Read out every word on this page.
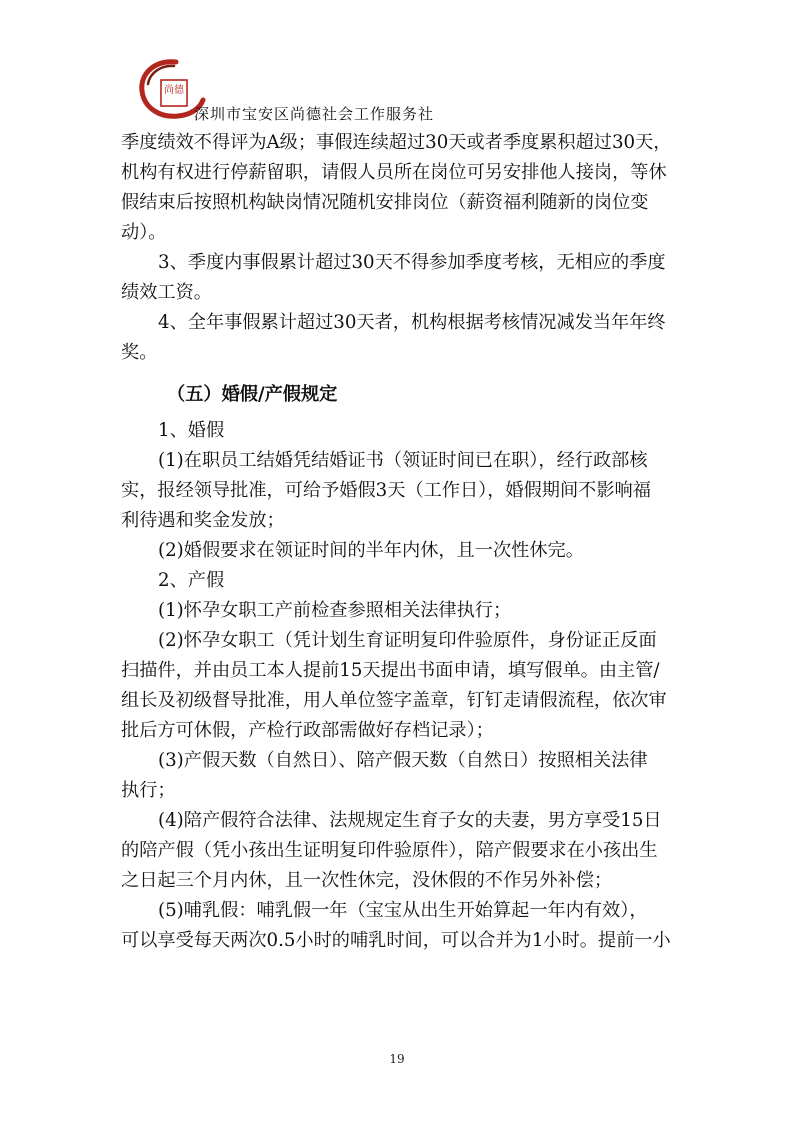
尚德
深圳市宝安区尚德社会工作服务社
季度绩效不得评为A级；事假连续超过30天或者季度累积超过30天，
机构有权进行停薪留职，请假人员所在岗位可另安排他人接岗，等休
假结束后按照机构缺岗情况随机安排岗位（薪资福利随新的岗位变
动）。
3、季度内事假累计超过30天不得参加季度考核，无相应的季度
绩效工资。
4、全年事假累计超过30天者，机构根据考核情况减发当年年终
奖。
（五）婚假/产假规定
1、婚假
(1)在职员工结婚凭结婚证书（领证时间已在职），经行政部核
实，报经领导批准，可给予婚假3天（工作日），婚假期间不影响福
利待遇和奖金发放；
(2)婚假要求在领证时间的半年内休，且一次性休完。
2、产假
(1)怀孕女职工产前检查参照相关法律执行；
(2)怀孕女职工（凭计划生育证明复印件验原件，身份证正反面
扫描件，并由员工本人提前15天提出书面申请，填写假单。由主管/
组长及初级督导批准，用人单位签字盖章，钉钉走请假流程，依次审
批后方可休假，产检行政部需做好存档记录）；
(3)产假天数（自然日）、陪产假天数（自然日）按照相关法律
执行；
(4)陪产假符合法律、法规规定生育子女的夫妻，男方享受15日
的陪产假（凭小孩出生证明复印件验原件），陪产假要求在小孩出生
之日起三个月内休，且一次性休完，没休假的不作另外补偿；
(5)哺乳假：哺乳假一年（宝宝从出生开始算起一年内有效），
可以享受每天两次0.5小时的哺乳时间，可以合并为1小时。提前一小
19
